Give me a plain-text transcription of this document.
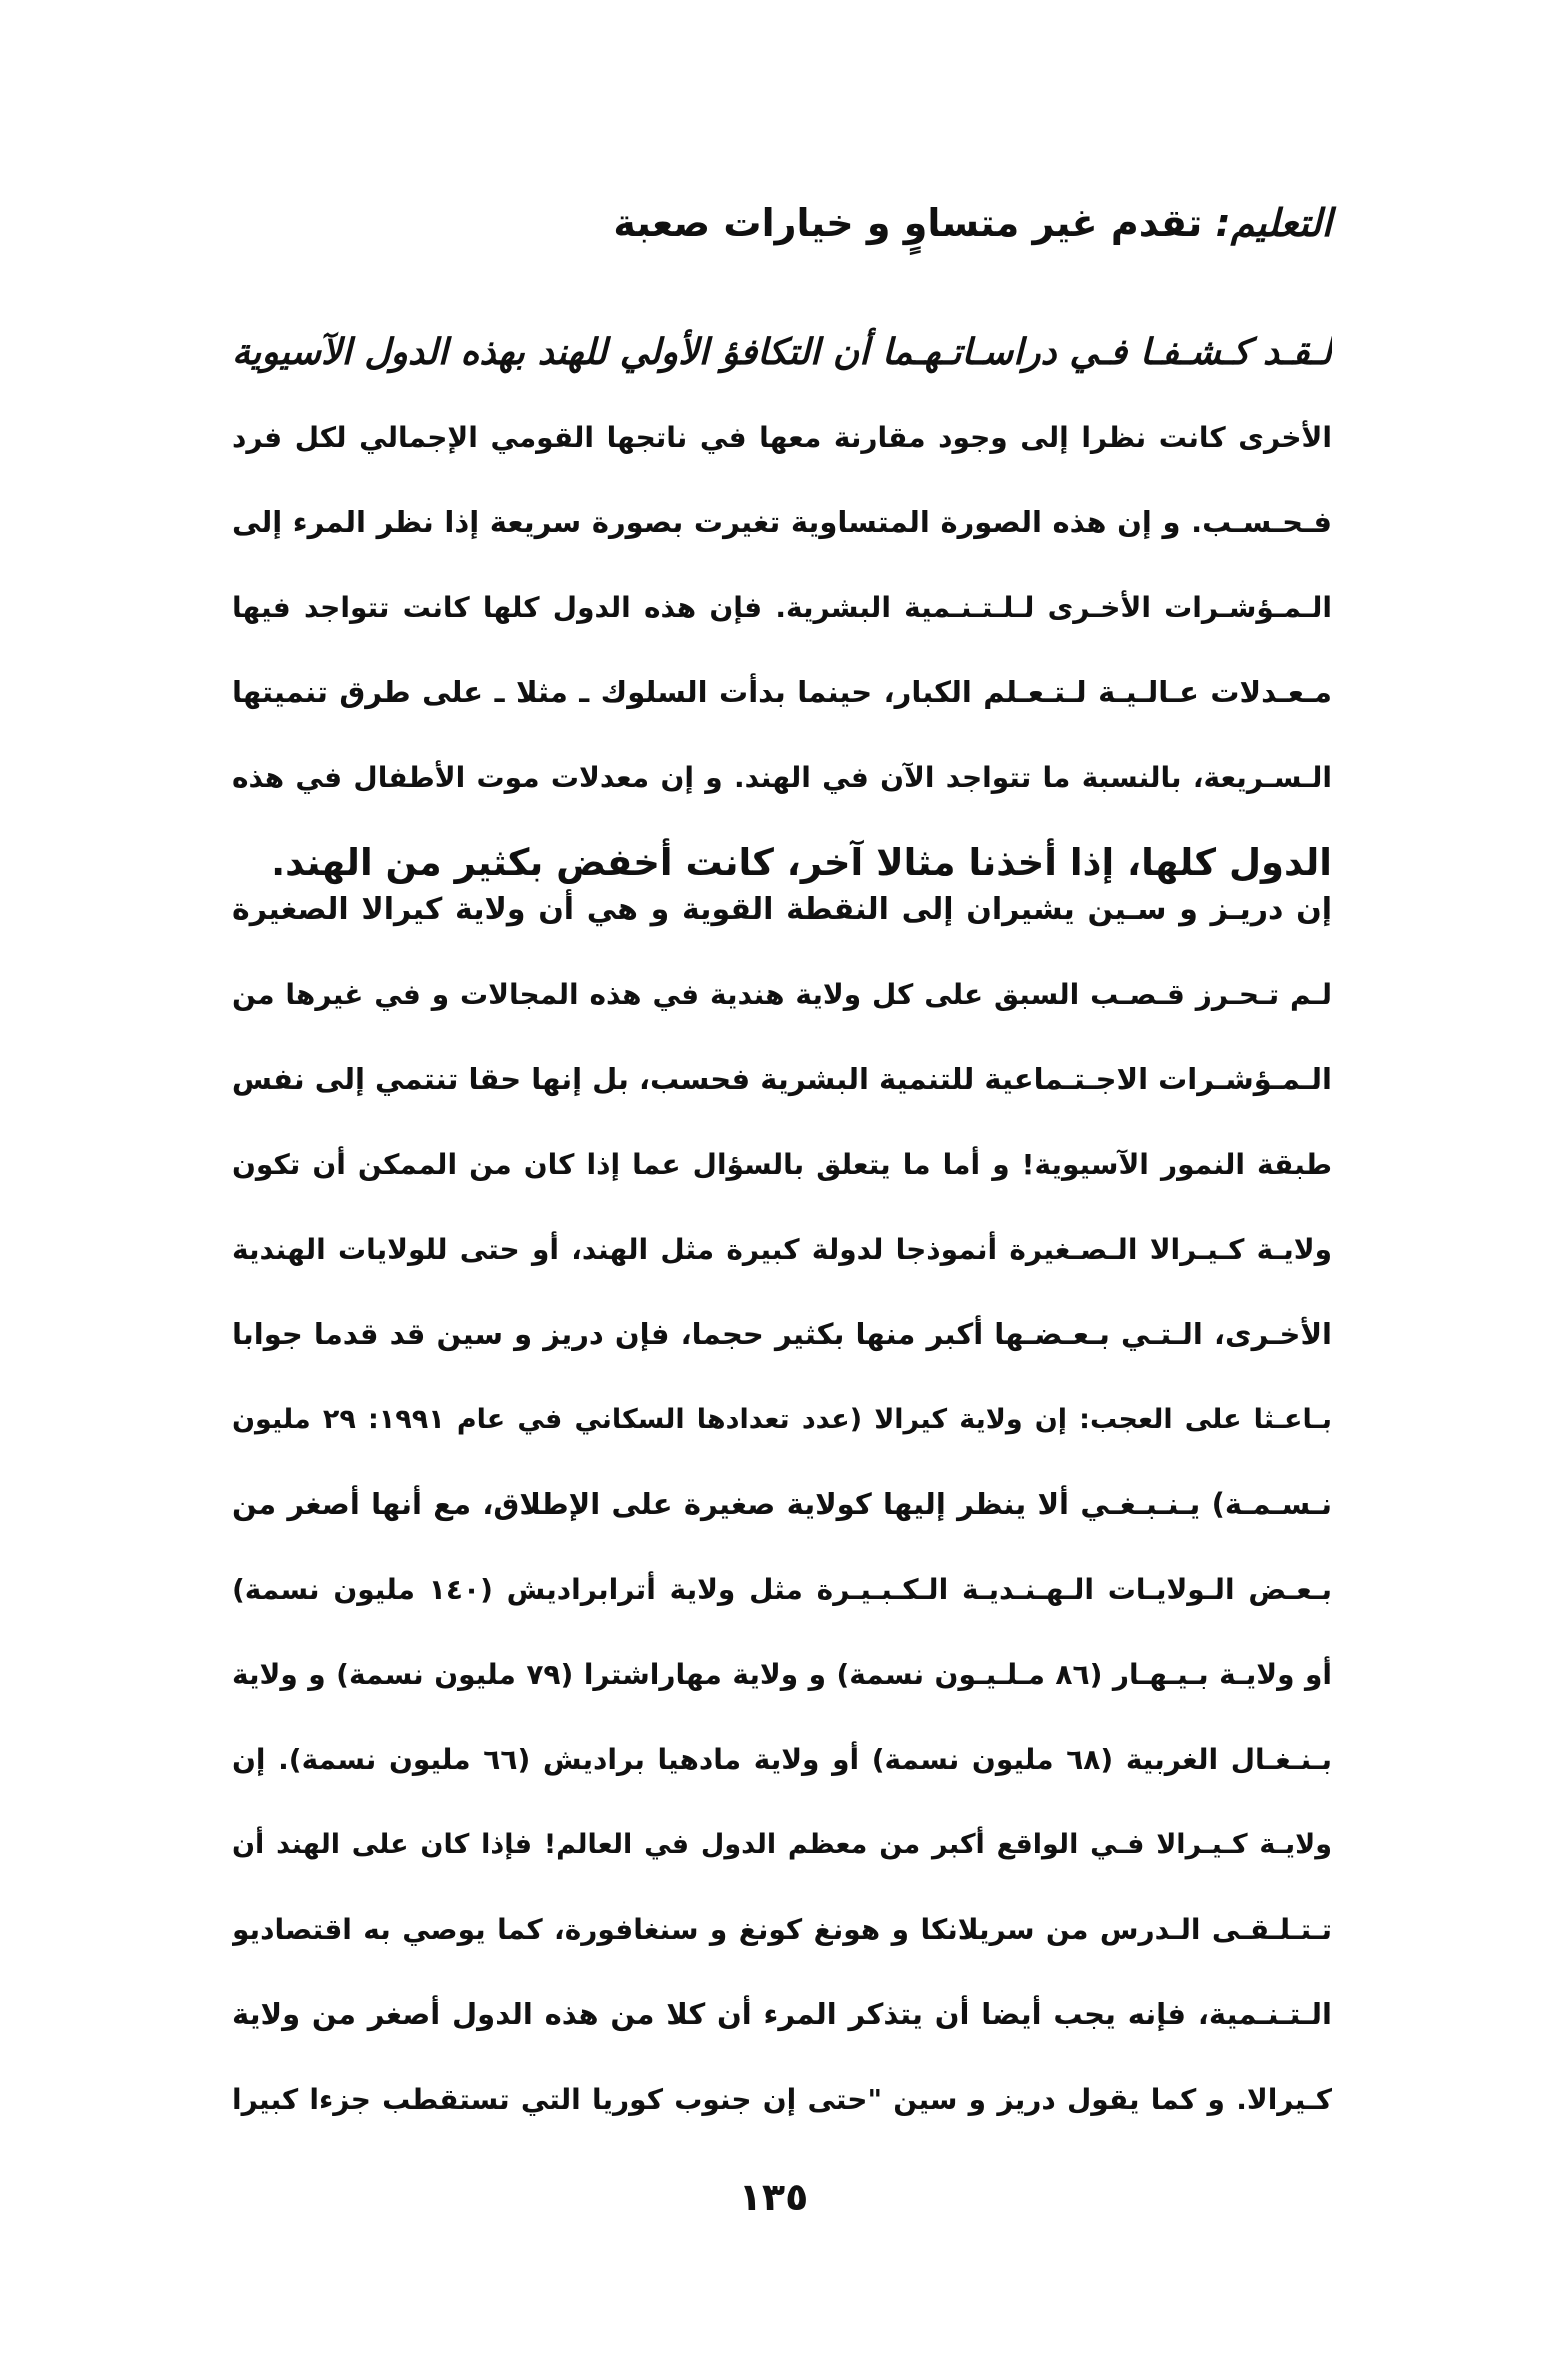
التعليم: تقدم غير متساوٍ و خيارات صعبة
لـقـد كـشـفـا فـي دراسـاتـهـما أن التكافؤ الأولي للهند بهذه الدول الآسيوية
الأخرى كانت نظرا إلى وجود مقارنة معها في ناتجها القومي الإجمالي لكل فرد
فـحـسـب. و إن هذه الصورة المتساوية تغيرت بصورة سريعة إذا نظر المرء إلى
الـمـؤشـرات الأخـرى لـلـتـنـمية البشرية. فإن هذه الدول كلها كانت تتواجد فيها
مـعـدلات عـالـيـة لـتـعـلم الكبار، حينما بدأت السلوك ـ مثلا ـ على طرق تنميتها
الـسـريعة، بالنسبة ما تتواجد الآن في الهند. و إن معدلات موت الأطفال في هذه
الدول كلها، إذا أخذنا مثالا آخر، كانت أخفض بكثير من الهند.
إن دريـز و سـين يشيران إلى النقطة القوية و هي أن ولاية كيرالا الصغيرة
لـم تـحـرز قـصـب السبق على كل ولاية هندية في هذه المجالات و في غيرها من
الـمـؤشـرات الاجـتـماعية للتنمية البشرية فحسب، بل إنها حقا تنتمي إلى نفس
طبقة النمور الآسيوية! و أما ما يتعلق بالسؤال عما إذا كان من الممكن أن تكون
ولايـة كـيـرالا الـصـغيرة أنموذجا لدولة كبيرة مثل الهند، أو حتى للولايات الهندية
الأخـرى، الـتـي بـعـضـها أكبر منها بكثير حجما، فإن دريز و سين قد قدما جوابا
بـاعـثا على العجب: إن ولاية كيرالا (عدد تعدادها السكاني في عام ١٩٩١: ٢٩ مليون
نـسـمـة) يـنـبـغـي ألا ينظر إليها كولاية صغيرة على الإطلاق، مع أنها أصغر من
بـعـض الـولايـات الـهـنـديـة الـكـبـيـرة مثل ولاية أترابراديش (١٤٠ مليون نسمة)
أو ولايـة بـيـهـار (٨٦ مـلـيـون نسمة) و ولاية مهاراشترا (٧٩ مليون نسمة) و ولاية
بـنـغـال الغربية (٦٨ مليون نسمة) أو ولاية مادهيا براديش (٦٦ مليون نسمة). إن
ولايـة كـيـرالا فـي الواقع أكبر من معظم الدول في العالم! فإذا كان على الهند أن
تـتـلـقـى الـدرس من سريلانكا و هونغ كونغ و سنغافورة، كما يوصي به اقتصاديو
الـتـنـمية، فإنه يجب أيضا أن يتذكر المرء أن كلا من هذه الدول أصغر من ولاية
كـيرالا. و كما يقول دريز و سين "حتى إن جنوب كوريا التي تستقطب جزءا كبيرا
١٣٥
